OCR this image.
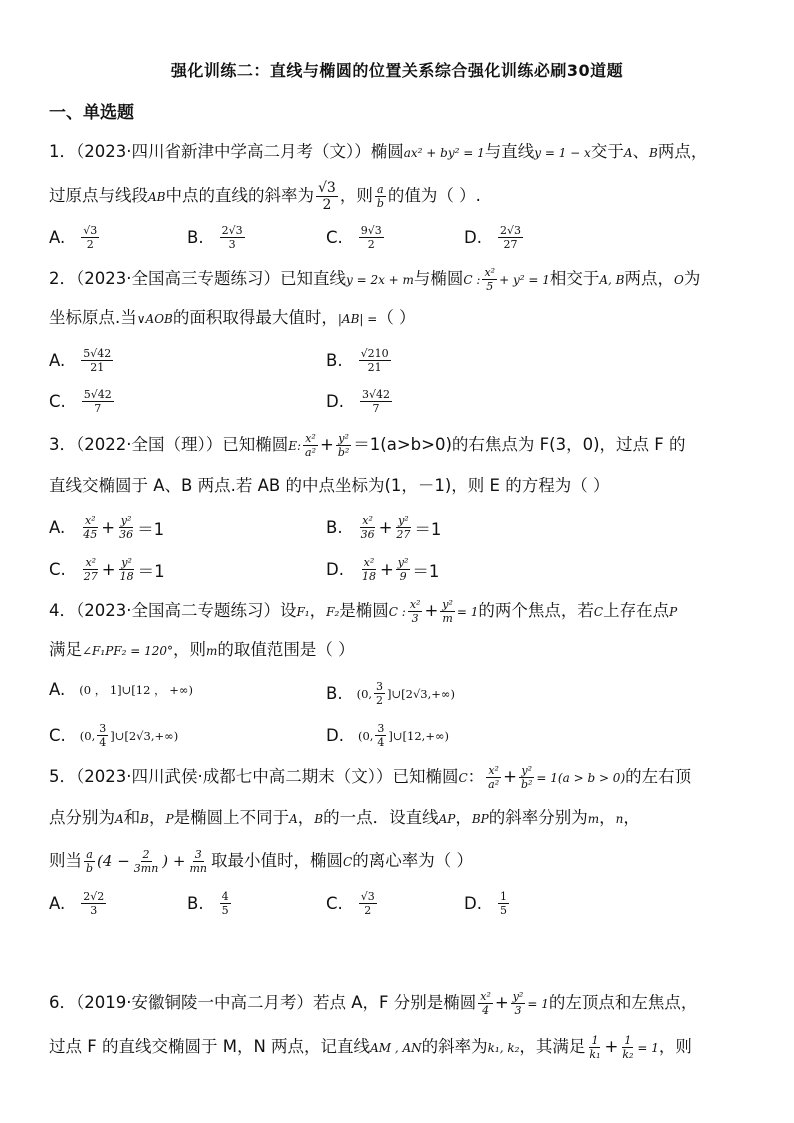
强化训练二：直线与椭圆的位置关系综合强化训练必刷30道题
一、单选题
1．（2023·四川省新津中学高二月考（文））椭圆ax² + by² = 1与直线y = 1 − x交于A、B两点，
过原点与线段AB中点的直线的斜率为 $\frac{√3}{2}$ ，则 $\frac{a}{b}$ 的值为（ ）.
A. $\frac{√3}{2}$	B. $\frac{2√3}{3}$	C. $\frac{9√3}{2}$	D. $\frac{2√3}{27}$
2．（2023·全国高三专题练习）已知直线y = 2x + m与椭圆C : $\frac{\text{x²}}{5} + y^2 = 1$相交于A, B两点，O为
坐标原点.当∨AOB的面积取得最大值时，|AB| =（ ）
A. $\frac{5√42}{21}$	B. $\frac{√210}{21}$
C. $\frac{5√42}{7}$	D. $\frac{3√42}{7}$
3．（2022·全国（理））已知椭圆E: $\frac{\text{x²}}{\text{a²}} + \frac{\text{y²}}{\text{b²}} =1(a>b>0)$的右焦点为 F(3，0)，过点 F 的
直线交椭圆于 A、B 两点.若 AB 的中点坐标为(1，－1)，则 E 的方程为（ ）
A. $\frac{\text{x²}}{45} + \frac{\text{y²}}{36} =1$	B. $\frac{\text{x²}}{36} + \frac{\text{y²}}{27} =1$
C. $\frac{\text{x²}}{27} + \frac{\text{y²}}{18} =1$	D. $\frac{\text{x²}}{18} + \frac{\text{y²}}{9} =1$
4．（2023·全国高二专题练习）设F₁，F₂是椭圆C : $\frac{\text{x²}}{3} + \frac{\text{y²}}{m} = 1$的两个焦点，若C上存在点P
满足∠F₁PF₂ = 120°，则m的取值范围是（ ）
A. (0 ， 1]∪[12 ， +∞)	B. (0, $\frac{3}{2}$ ]∪[2√3,+∞)
C. (0, $\frac{3}{4}$ ]∪[2√3,+∞)	D. (0, $\frac{3}{4}$ ]∪[12,+∞)
5．（2023·四川武侯·成都七中高二期末（文））已知椭圆C： $\frac{\text{x²}}{\text{a²}} + \frac{\text{y²}}{\text{b²}} = 1(a > b > 0)$的左右顶
点分别为A和B，P是椭圆上不同于A，B的一点．设直线AP，BP的斜率分别为m，n，
则当 $\frac{a}{b} (4 - \frac{2}{3mn}$ ) + $\frac{3}{mn}$ 取最小值时，椭圆C的离心率为（ ）
A. $\frac{2√2}{3}$	B. $\frac{4}{5}$	C. $\frac{√3}{2}$	D. $\frac{1}{5}$
6．（2019·安徽铜陵一中高二月考）若点 A，F 分别是椭圆 $\frac{\text{x²}}{4} + \frac{\text{y²}}{3} = 1$的左顶点和左焦点，
过点 F 的直线交椭圆于 M，N 两点，记直线AM , AN的斜率为k₁, k₂，其满足 $\frac{1}{\text{k₁}} + \frac{1}{\text{k₂}} = 1$，则
